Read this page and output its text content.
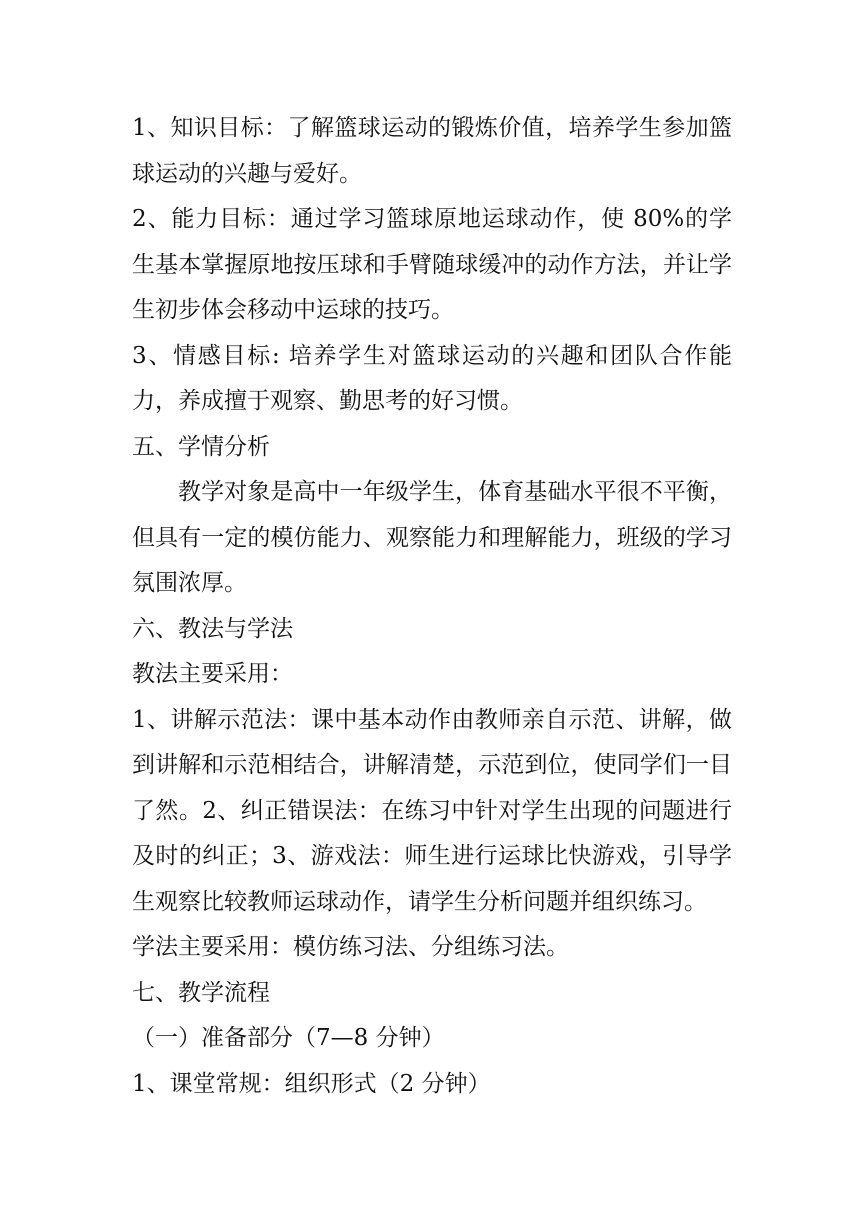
1、知识目标：了解篮球运动的锻炼价值，培养学生参加篮球运动的兴趣与爱好。

2、能力目标：通过学习篮球原地运球动作，使 80%的学生基本掌握原地按压球和手臂随球缓冲的动作方法，并让学生初步体会移动中运球的技巧。

3、情感目标: 培养学生对篮球运动的兴趣和团队合作能力，养成擅于观察、勤思考的好习惯。

五、学情分析

教学对象是高中一年级学生，体育基础水平很不平衡，但具有一定的模仿能力、观察能力和理解能力，班级的学习氛围浓厚。

六、教法与学法

教法主要采用：

1、讲解示范法：课中基本动作由教师亲自示范、讲解，做到讲解和示范相结合，讲解清楚，示范到位，使同学们一目了然。2、纠正错误法：在练习中针对学生出现的问题进行及时的纠正；3、游戏法：师生进行运球比快游戏，引导学生观察比较教师运球动作，请学生分析问题并组织练习。

学法主要采用：模仿练习法、分组练习法。

七、教学流程

（一）准备部分（7—8 分钟）

1、课堂常规：组织形式（2 分钟）
